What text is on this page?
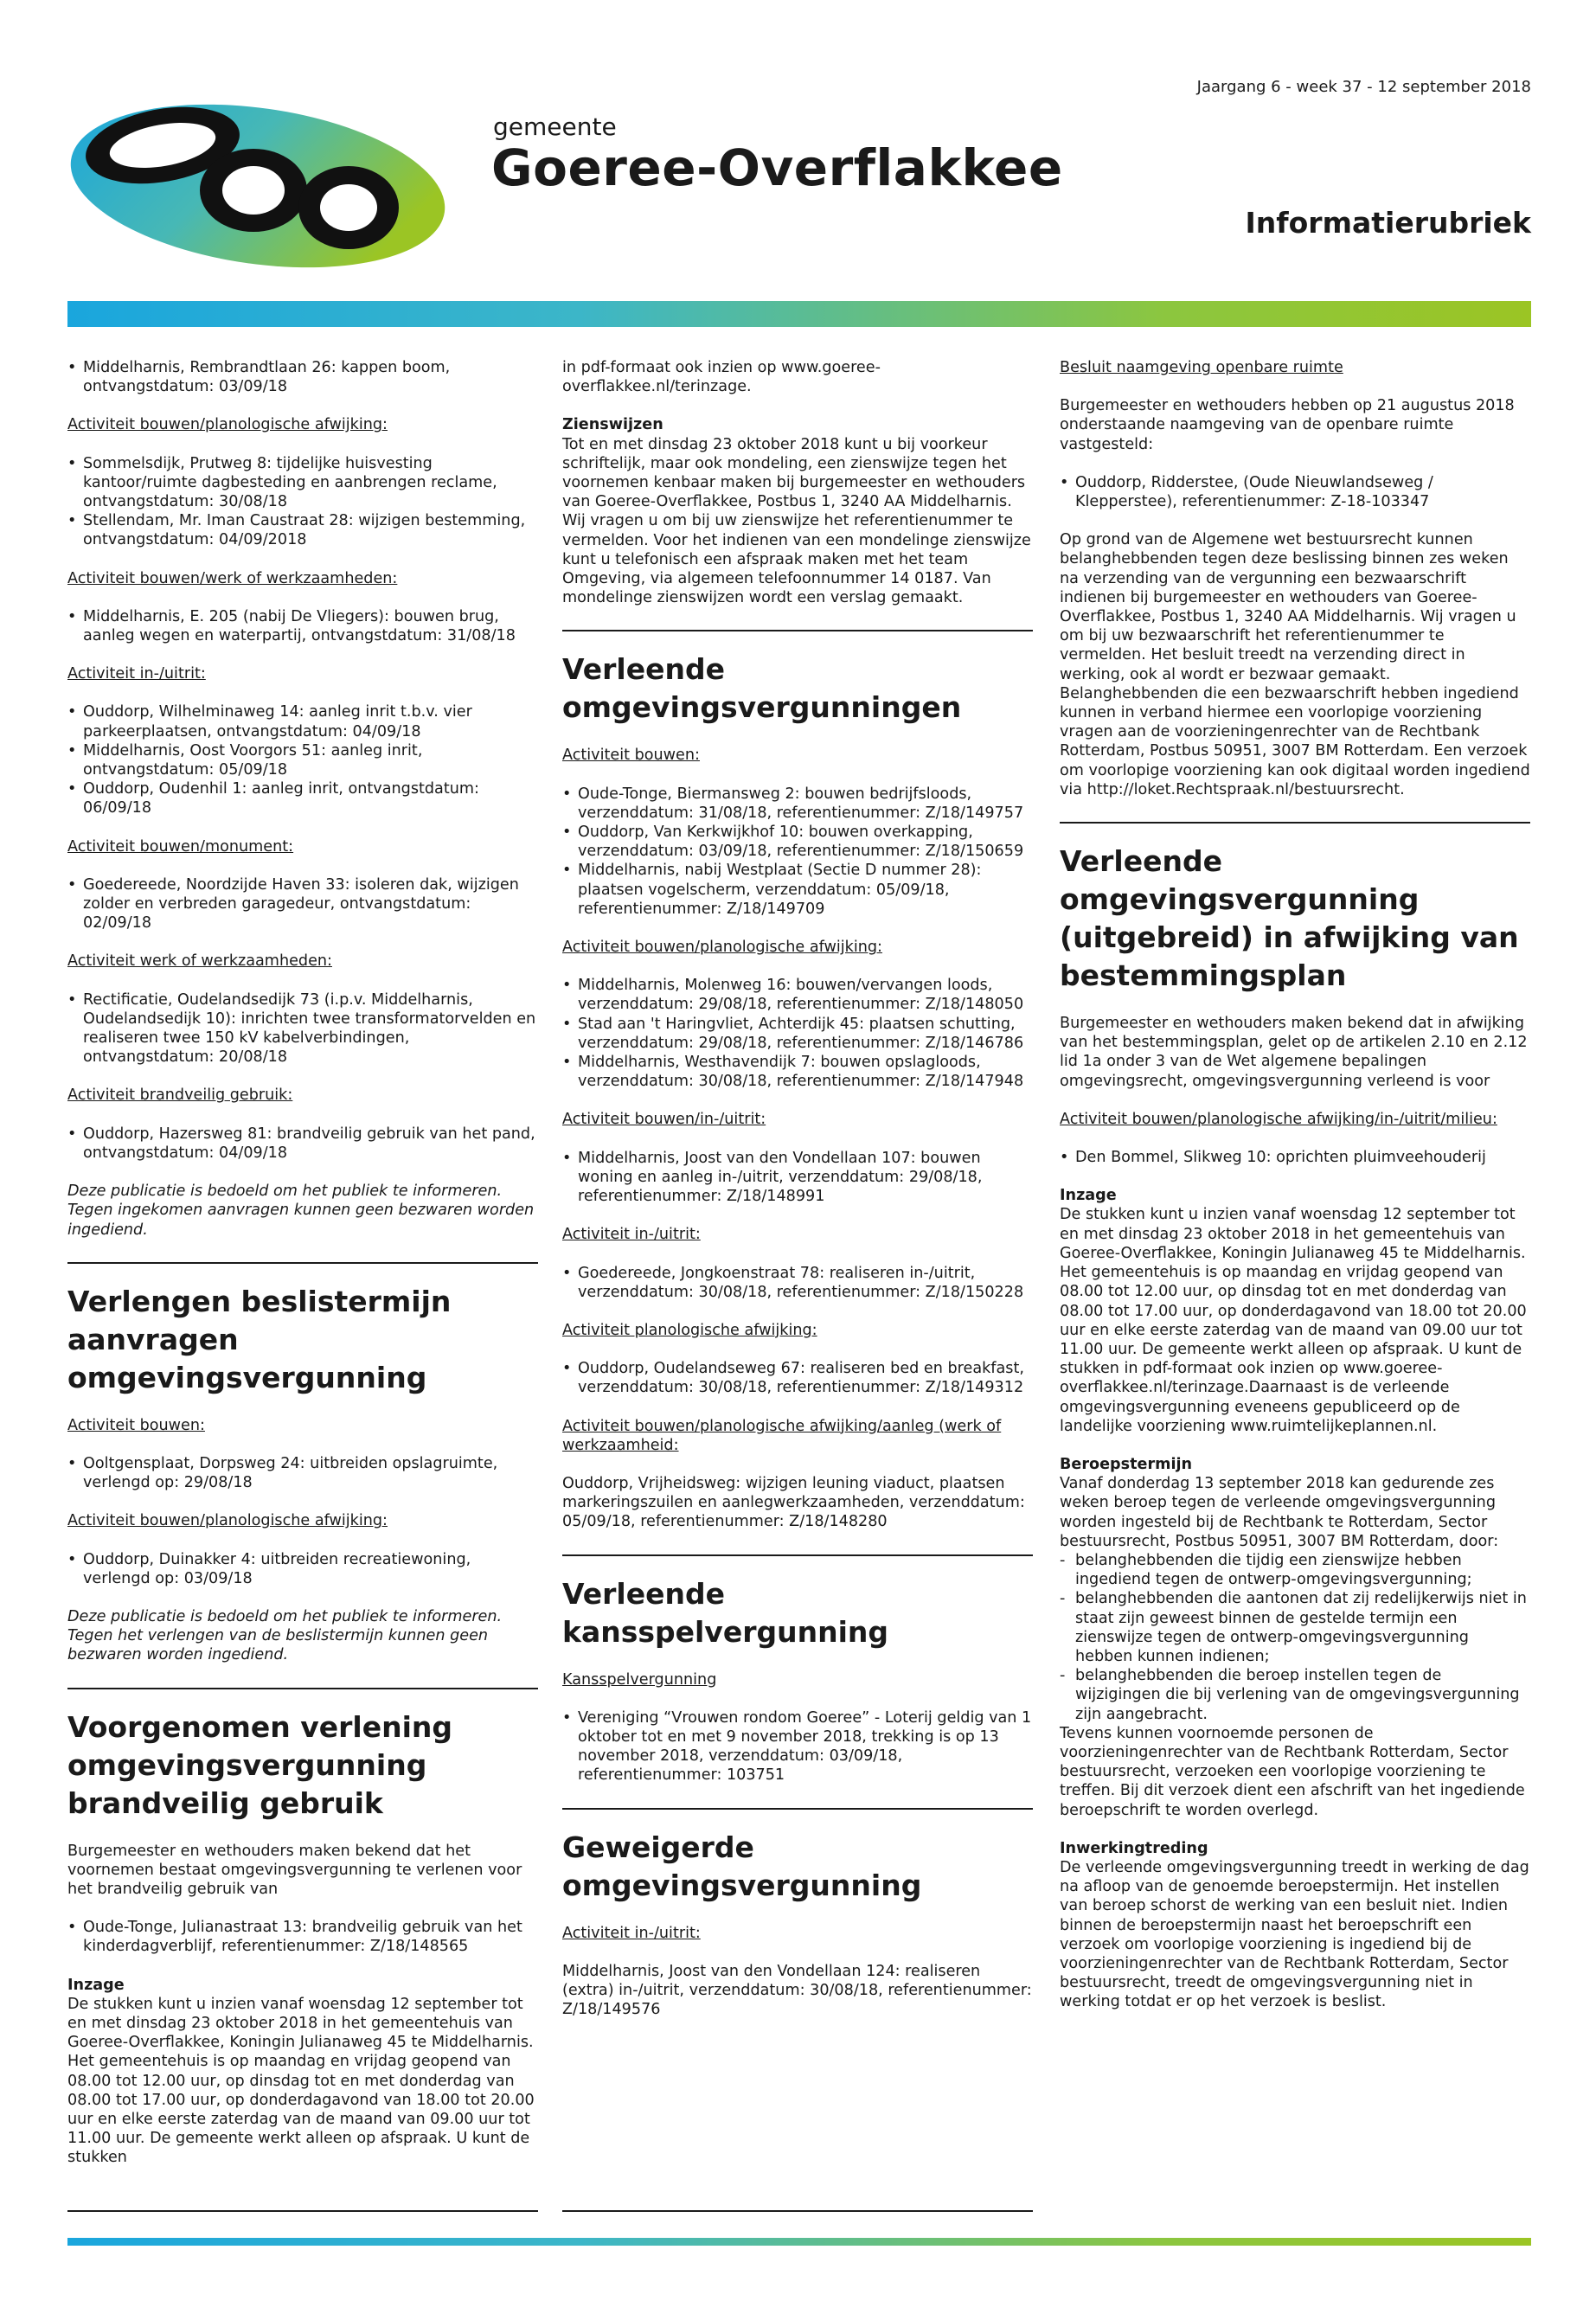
gemeente
Goeree-Overflakkee
Jaargang 6 - week 37 - 12 september 2018
Informatierubriek
• Middelharnis, Rembrandtlaan 26: kappen boom, ontvangstdatum: 03/09/18
Activiteit bouwen/planologische afwijking:
• Sommelsdijk, Prutweg 8: tijdelijke huisvesting kantoor/ruimte dagbesteding en aanbrengen reclame, ontvangstdatum: 30/08/18
• Stellendam, Mr. Iman Caustraat 28: wijzigen bestemming, ontvangstdatum: 04/09/2018
Activiteit bouwen/werk of werkzaamheden:
• Middelharnis, E. 205 (nabij De Vliegers): bouwen brug, aanleg wegen en waterpartij, ontvangstdatum: 31/08/18
Activiteit in-/uitrit:
• Ouddorp, Wilhelminaweg 14: aanleg inrit t.b.v. vier parkeerplaatsen, ontvangstdatum: 04/09/18
• Middelharnis, Oost Voorgors 51: aanleg inrit, ontvangstdatum: 05/09/18
• Ouddorp, Oudenhil 1: aanleg inrit, ontvangstdatum: 06/09/18
Activiteit bouwen/monument:
• Goedereede, Noordzijde Haven 33: isoleren dak, wijzigen zolder en verbreden garagedeur, ontvangstdatum: 02/09/18
Activiteit werk of werkzaamheden:
• Rectificatie, Oudelandsedijk 73 (i.p.v. Middelharnis, Oudelandsedijk 10): inrichten twee transformatorvelden en realiseren twee 150 kV kabelverbindingen, ontvangstdatum: 20/08/18
Activiteit brandveilig gebruik:
• Ouddorp, Hazersweg 81: brandveilig gebruik van het pand, ontvangstdatum: 04/09/18

Deze publicatie is bedoeld om het publiek te informeren. Tegen ingekomen aanvragen kunnen geen bezwaren worden ingediend.

Verlengen beslistermijn aanvragen omgevingsvergunning
Activiteit bouwen:
• Ooltgensplaat, Dorpsweg 24: uitbreiden opslagruimte, verlengd op: 29/08/18
Activiteit bouwen/planologische afwijking:
• Ouddorp, Duinakker 4: uitbreiden recreatiewoning, verlengd op: 03/09/18

Deze publicatie is bedoeld om het publiek te informeren. Tegen het verlengen van de beslistermijn kunnen geen bezwaren worden ingediend.

Voorgenomen verlening omgevingsvergunning brandveilig gebruik

Burgemeester en wethouders maken bekend dat het voornemen bestaat omgevingsvergunning te verlenen voor het brandveilig gebruik van

• Oude-Tonge, Julianastraat 13: brandveilig gebruik van het kinderdagverblijf, referentienummer: Z/18/148565
Inzage

De stukken kunt u inzien vanaf woensdag 12 september tot en met dinsdag 23 oktober 2018 in het gemeentehuis van Goeree-Overflakkee, Koningin Julianaweg 45 te Middelharnis. Het gemeentehuis is op maandag en vrijdag geopend van 08.00 tot 12.00 uur, op dinsdag tot en met donderdag van 08.00 tot 17.00 uur, op donderdagavond van 18.00 tot 20.00 uur en elke eerste zaterdag van de maand van 09.00 uur tot 11.00 uur. De gemeente werkt alleen op afspraak. U kunt de stukken

in pdf-formaat ook inzien op www.goeree-overflakkee.nl/terinzage.

Zienswijzen

Tot en met dinsdag 23 oktober 2018 kunt u bij voorkeur schriftelijk, maar ook mondeling, een zienswijze tegen het voornemen kenbaar maken bij burgemeester en wethouders van Goeree-Overflakkee, Postbus 1, 3240 AA Middelharnis. Wij vragen u om bij uw zienswijze het referentienummer te vermelden. Voor het indienen van een mondelinge zienswijze kunt u telefonisch een afspraak maken met het team Omgeving, via algemeen telefoonnummer 14 0187. Van mondelinge zienswijzen wordt een verslag gemaakt.

Verleende omgevingsvergunningen
Activiteit bouwen:
• Oude-Tonge, Biermansweg 2: bouwen bedrijfsloods, verzenddatum: 31/08/18, referentienummer: Z/18/149757
• Ouddorp, Van Kerkwijkhof 10: bouwen overkapping, verzenddatum: 03/09/18, referentienummer: Z/18/150659
• Middelharnis, nabij Westplaat (Sectie D nummer 28): plaatsen vogelscherm, verzenddatum: 05/09/18, referentienummer: Z/18/149709
Activiteit bouwen/planologische afwijking:
• Middelharnis, Molenweg 16: bouwen/vervangen loods, verzenddatum: 29/08/18, referentienummer: Z/18/148050
• Stad aan 't Haringvliet, Achterdijk 45: plaatsen schutting, verzenddatum: 29/08/18, referentienummer: Z/18/146786
• Middelharnis, Westhavendijk 7: bouwen opslagloods, verzenddatum: 30/08/18, referentienummer: Z/18/147948
Activiteit bouwen/in-/uitrit:
• Middelharnis, Joost van den Vondellaan 107: bouwen woning en aanleg in-/uitrit, verzenddatum: 29/08/18, referentienummer: Z/18/148991
Activiteit in-/uitrit:
• Goedereede, Jongkoenstraat 78: realiseren in-/uitrit, verzenddatum: 30/08/18, referentienummer: Z/18/150228
Activiteit planologische afwijking:
• Ouddorp, Oudelandseweg 67: realiseren bed en breakfast, verzenddatum: 30/08/18, referentienummer: Z/18/149312
Activiteit bouwen/planologische afwijking/aanleg (werk of werkzaamheid:

Ouddorp, Vrijheidsweg: wijzigen leuning viaduct, plaatsen markeringszuilen en aanlegwerkzaamheden, verzenddatum: 05/09/18, referentienummer: Z/18/148280

Verleende kansspelvergunning
Kansspelvergunning
• Vereniging “Vrouwen rondom Goeree” - Loterij geldig van 1 oktober tot en met 9 november 2018, trekking is op 13 november 2018, verzenddatum: 03/09/18, referentienummer: 103751
Geweigerde omgevingsvergunning
Activiteit in-/uitrit:

Middelharnis, Joost van den Vondellaan 124: realiseren (extra) in-/uitrit, verzenddatum: 30/08/18, referentienummer: Z/18/149576

Besluit naamgeving openbare ruimte

Burgemeester en wethouders hebben op 21 augustus 2018 onderstaande naamgeving van de openbare ruimte vastgesteld:

• Ouddorp, Ridderstee, (Oude Nieuwlandseweg / Klepperstee), referentienummer: Z-18-103347

Op grond van de Algemene wet bestuursrecht kunnen belanghebbenden tegen deze beslissing binnen zes weken na verzending van de vergunning een bezwaarschrift indienen bij burgemeester en wethouders van Goeree-Overflakkee, Postbus 1, 3240 AA Middelharnis. Wij vragen u om bij uw bezwaarschrift het referentienummer te vermelden. Het besluit treedt na verzending direct in werking, ook al wordt er bezwaar gemaakt. Belanghebbenden die een bezwaarschrift hebben ingediend kunnen in verband hiermee een voorlopige voorziening vragen aan de voorzieningenrechter van de Rechtbank Rotterdam, Postbus 50951, 3007 BM Rotterdam. Een verzoek om voorlopige voorziening kan ook digitaal worden ingediend via http://loket.Rechtspraak.nl/bestuursrecht.

Verleende omgevingsvergunning (uitgebreid) in afwijking van bestemmingsplan

Burgemeester en wethouders maken bekend dat in afwijking van het bestemmingsplan, gelet op de artikelen 2.10 en 2.12 lid 1a onder 3 van de Wet algemene bepalingen omgevingsrecht, omgevingsvergunning verleend is voor

Activiteit bouwen/planologische afwijking/in-/uitrit/milieu:
• Den Bommel, Slikweg 10: oprichten pluimveehouderij
Inzage

De stukken kunt u inzien vanaf woensdag 12 september tot en met dinsdag 23 oktober 2018 in het gemeentehuis van Goeree-Overflakkee, Koningin Julianaweg 45 te Middelharnis. Het gemeentehuis is op maandag en vrijdag geopend van 08.00 tot 12.00 uur, op dinsdag tot en met donderdag van 08.00 tot 17.00 uur, op donderdagavond van 18.00 tot 20.00 uur en elke eerste zaterdag van de maand van 09.00 uur tot 11.00 uur. De gemeente werkt alleen op afspraak. U kunt de stukken in pdf-formaat ook inzien op www.goeree-overflakkee.nl/terinzage.Daarnaast is de verleende omgevingsvergunning eveneens gepubliceerd op de landelijke voorziening www.ruimtelijkeplannen.nl.

Beroepstermijn
Vanaf donderdag 13 september 2018 kan gedurende zes weken beroep tegen de verleende omgevingsvergunning worden ingesteld bij de Rechtbank te Rotterdam, Sector bestuursrecht, Postbus 50951, 3007 BM Rotterdam, door:
- belanghebbenden die tijdig een zienswijze hebben ingediend tegen de ontwerp-omgevingsvergunning;
- belanghebbenden die aantonen dat zij redelijkerwijs niet in staat zijn geweest binnen de gestelde termijn een zienswijze tegen de ontwerp-omgevingsvergunning hebben kunnen indienen;
- belanghebbenden die beroep instellen tegen de wijzigingen die bij verlening van de omgevingsvergunning zijn aangebracht.

Tevens kunnen voornoemde personen de voorzieningenrechter van de Rechtbank Rotterdam, Sector bestuursrecht, verzoeken een voorlopige voorziening te treffen. Bij dit verzoek dient een afschrift van het ingediende beroepschrift te worden overlegd.

Inwerkingtreding

De verleende omgevingsvergunning treedt in werking de dag na afloop van de genoemde beroepstermijn. Het instellen van beroep schorst de werking van een besluit niet. Indien binnen de beroepstermijn naast het beroepschrift een verzoek om voorlopige voorziening is ingediend bij de voorzieningenrechter van de Rechtbank Rotterdam, Sector bestuursrecht, treedt de omgevingsvergunning niet in werking totdat er op het verzoek is beslist.
